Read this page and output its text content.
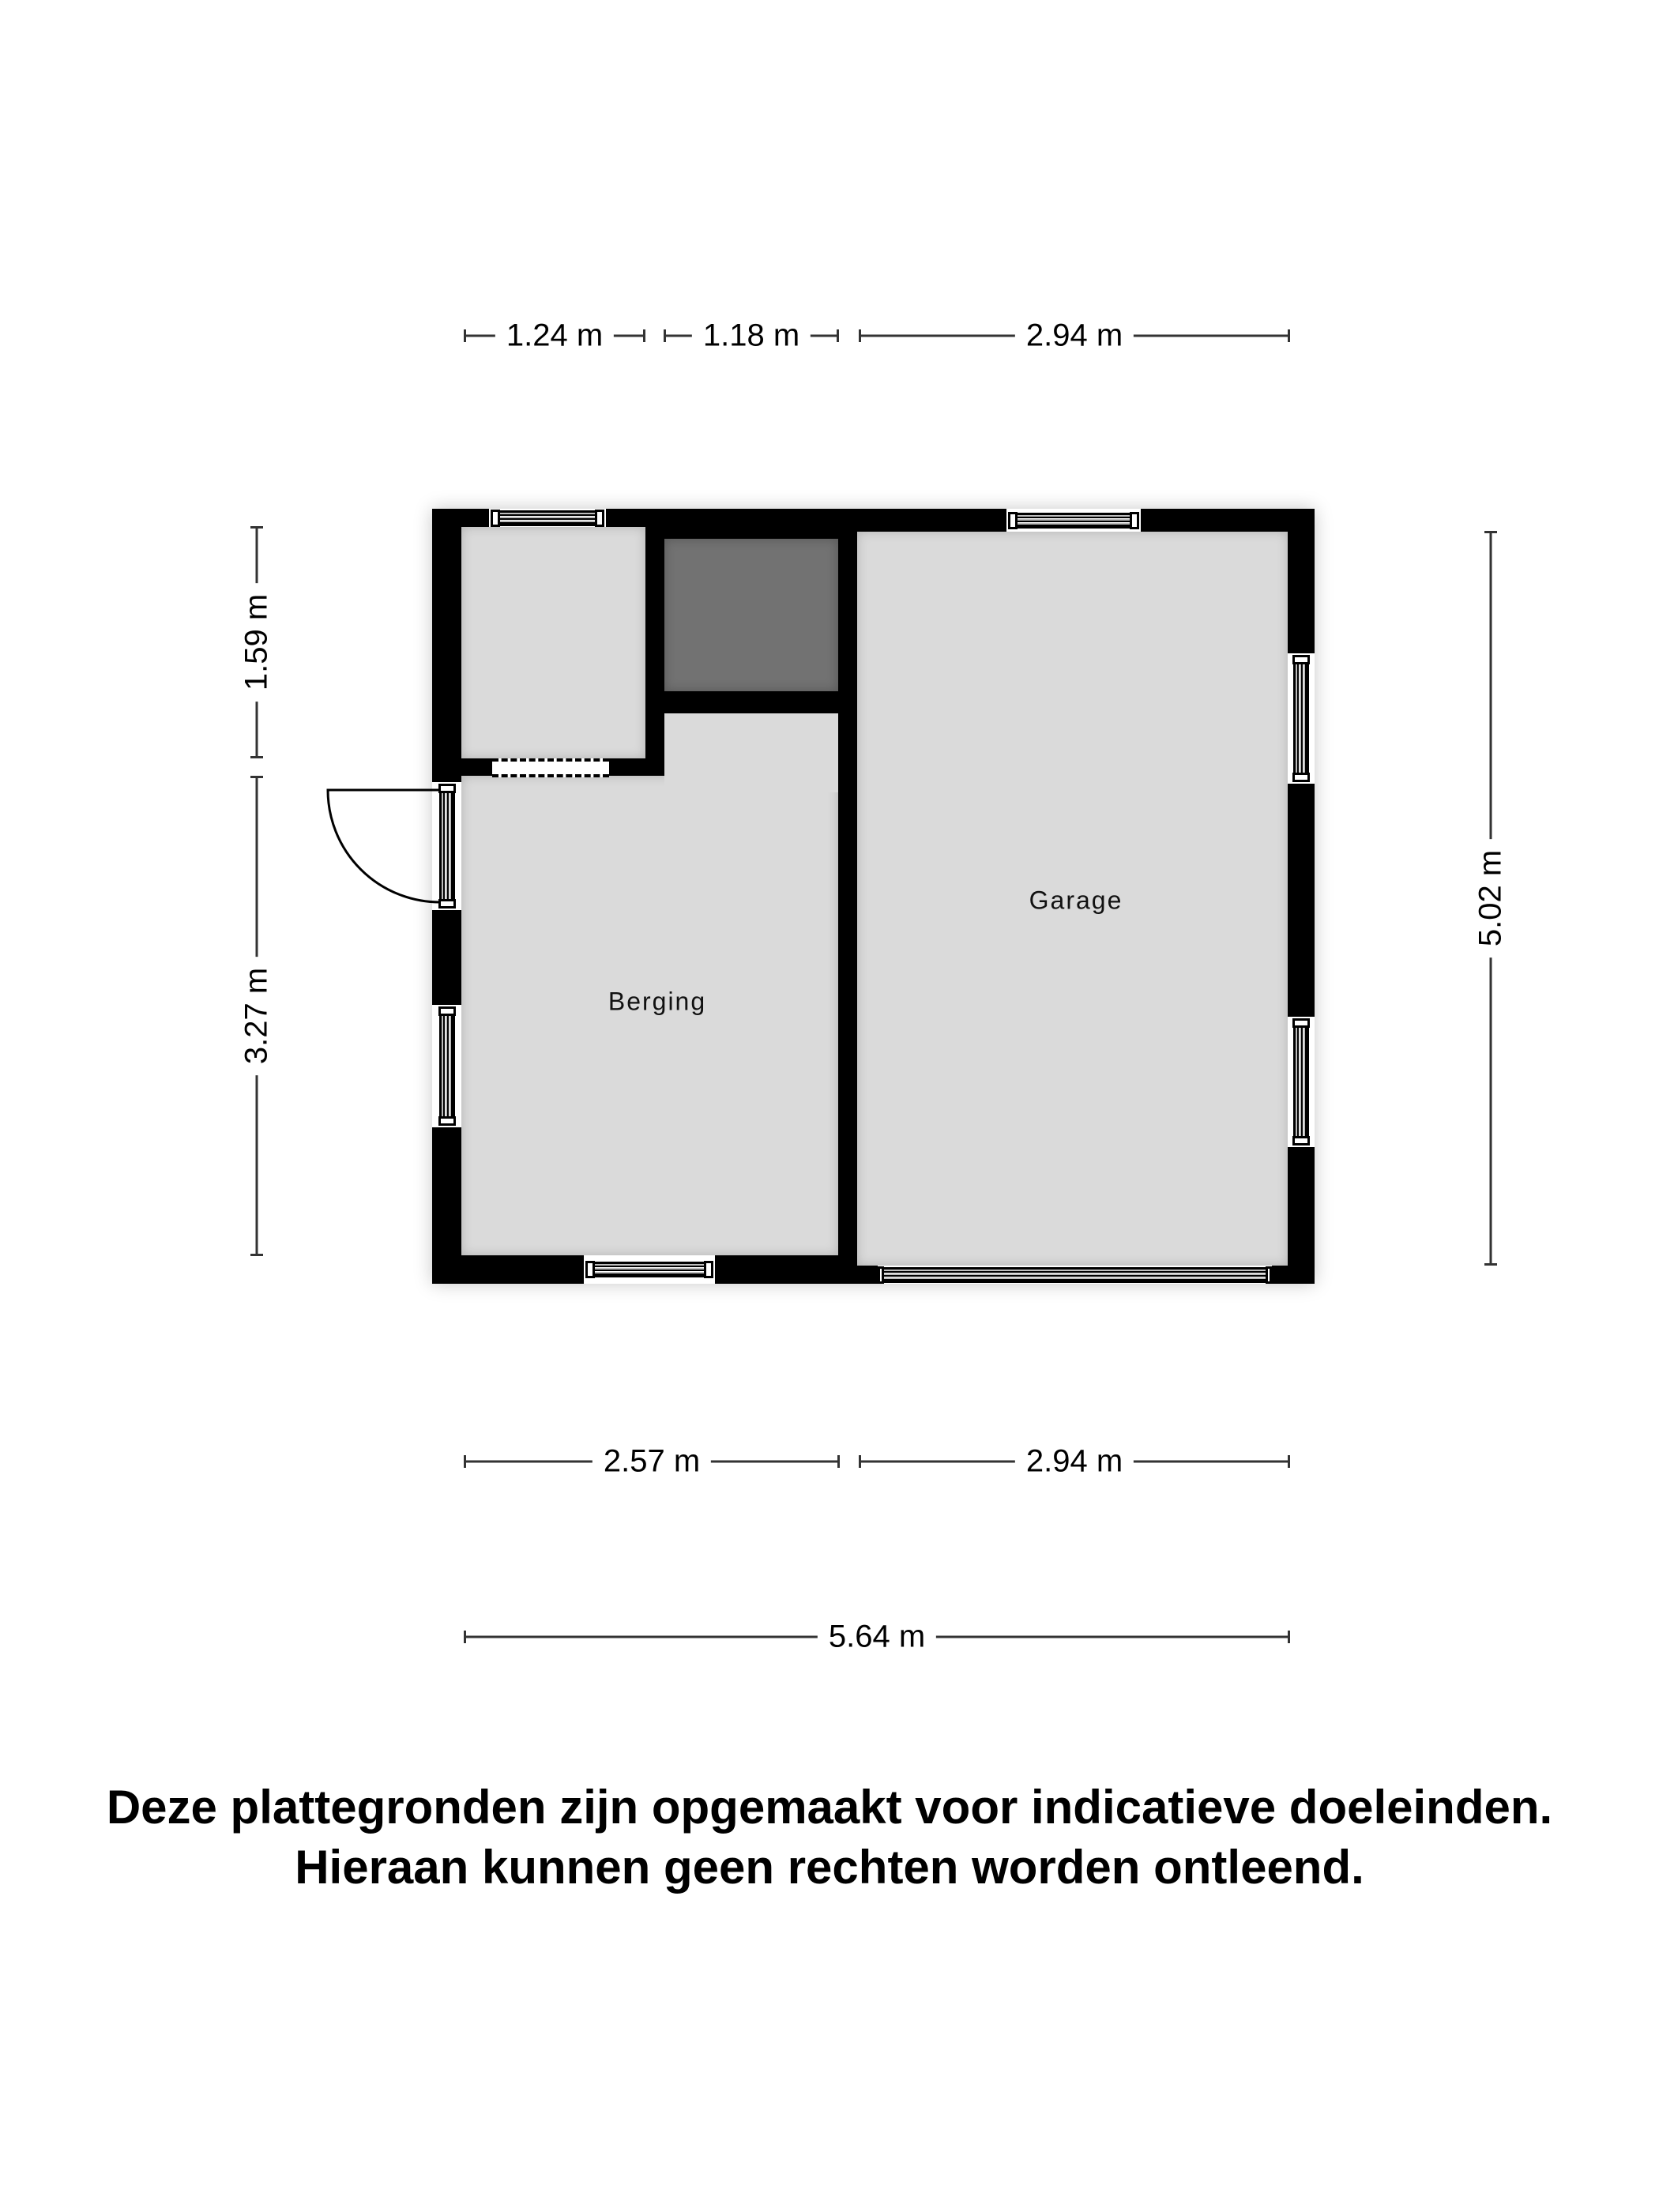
1.24 m	1.18 m	2.94 m
1.59 m
3.27 m
5.02 m
Berging
Garage
2.57 m	2.94 m
5.64 m
Deze plattegronden zijn opgemaakt voor indicatieve doeleinden.
Hieraan kunnen geen rechten worden ontleend.
